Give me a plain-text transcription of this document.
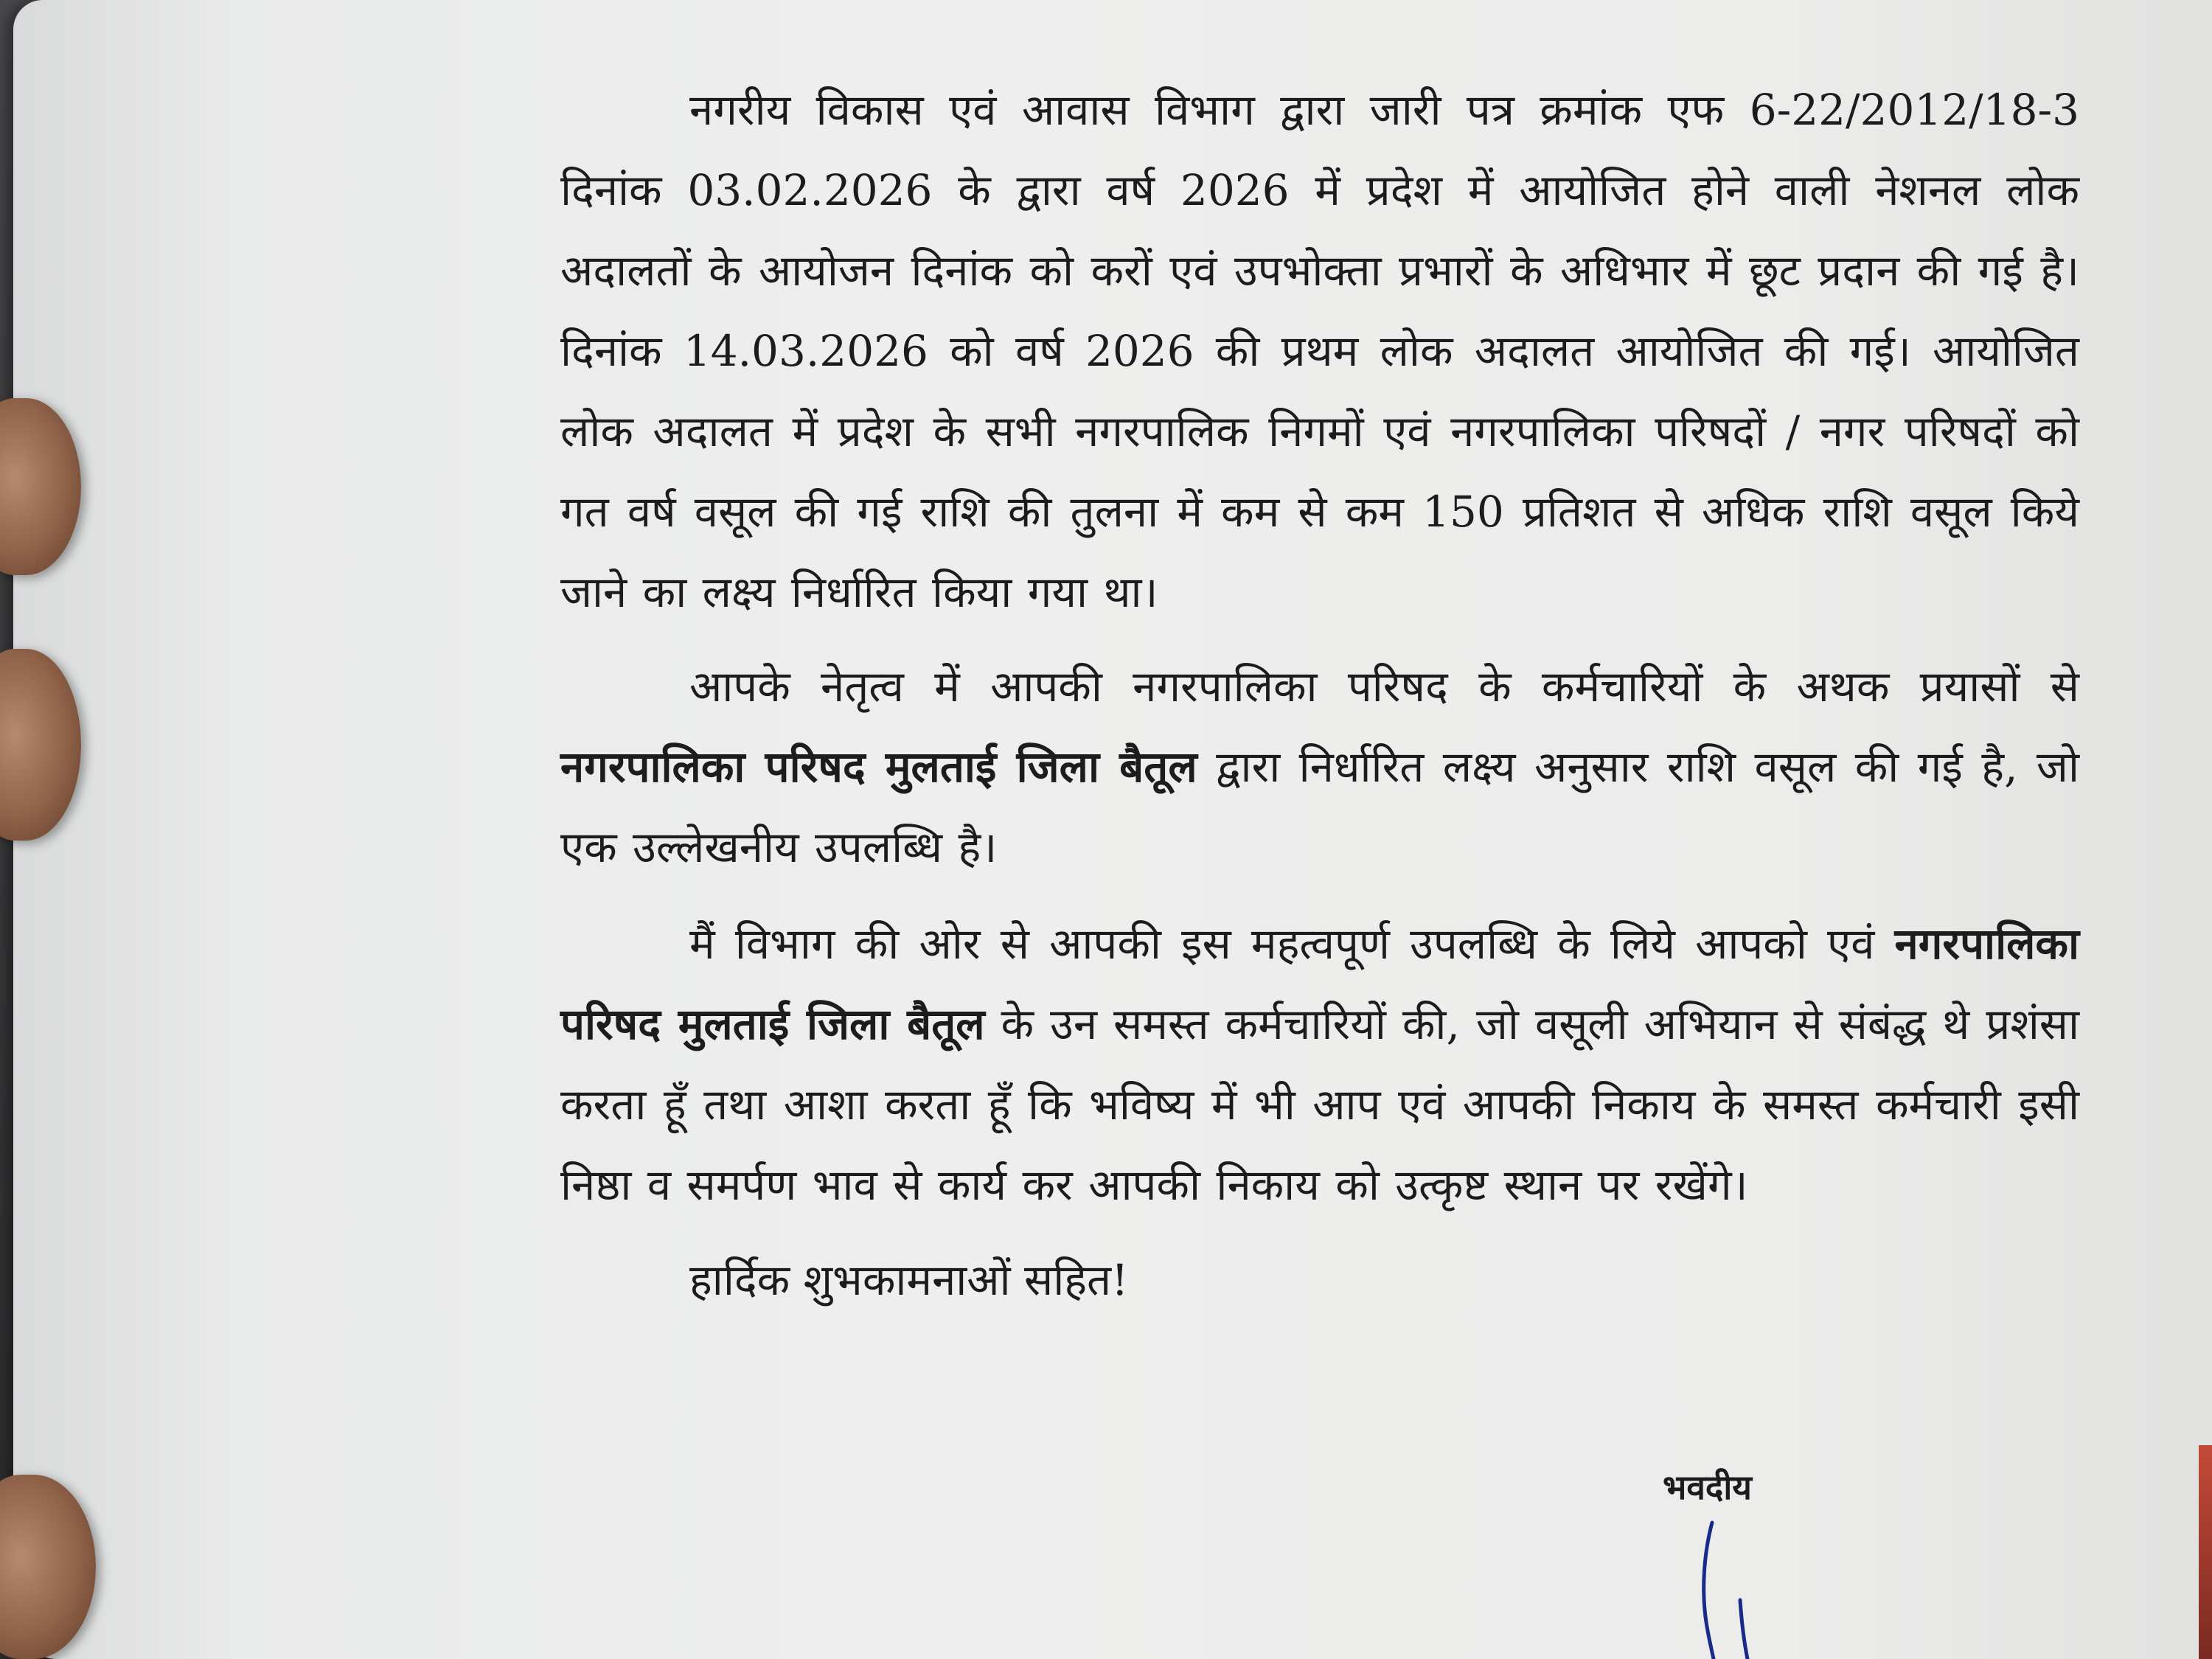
नगरीय विकास एवं आवास विभाग द्वारा जारी पत्र क्रमांक एफ 6-22/2012/18-3 दिनांक 03.02.2026 के द्वारा वर्ष 2026 में प्रदेश में आयोजित होने वाली नेशनल लोक अदालतों के आयोजन दिनांक को करों एवं उपभोक्ता प्रभारों के अधिभार में छूट प्रदान की गई है। दिनांक 14.03.2026 को वर्ष 2026 की प्रथम लोक अदालत आयोजित की गई। आयोजित लोक अदालत में प्रदेश के सभी नगरपालिक निगमों एवं नगरपालिका परिषदों / नगर परिषदों को गत वर्ष वसूल की गई राशि की तुलना में कम से कम 150 प्रतिशत से अधिक राशि वसूल किये जाने का लक्ष्य निर्धारित किया गया था।

आपके नेतृत्व में आपकी नगरपालिका परिषद के कर्मचारियों के अथक प्रयासों से नगरपालिका परिषद मुलताई जिला बैतूल द्वारा निर्धारित लक्ष्य अनुसार राशि वसूल की गई है, जो एक उल्लेखनीय उपलब्धि है।

मैं विभाग की ओर से आपकी इस महत्वपूर्ण उपलब्धि के लिये आपको एवं नगरपालिका परिषद मुलताई जिला बैतूल के उन समस्त कर्मचारियों की, जो वसूली अभियान से संबंद्ध थे प्रशंसा करता हूँ तथा आशा करता हूँ कि भविष्य में भी आप एवं आपकी निकाय के समस्त कर्मचारी इसी निष्ठा व समर्पण भाव से कार्य कर आपकी निकाय को उत्कृष्ट स्थान पर रखेंगे।

हार्दिक शुभकामनाओं सहित!

भवदीय
